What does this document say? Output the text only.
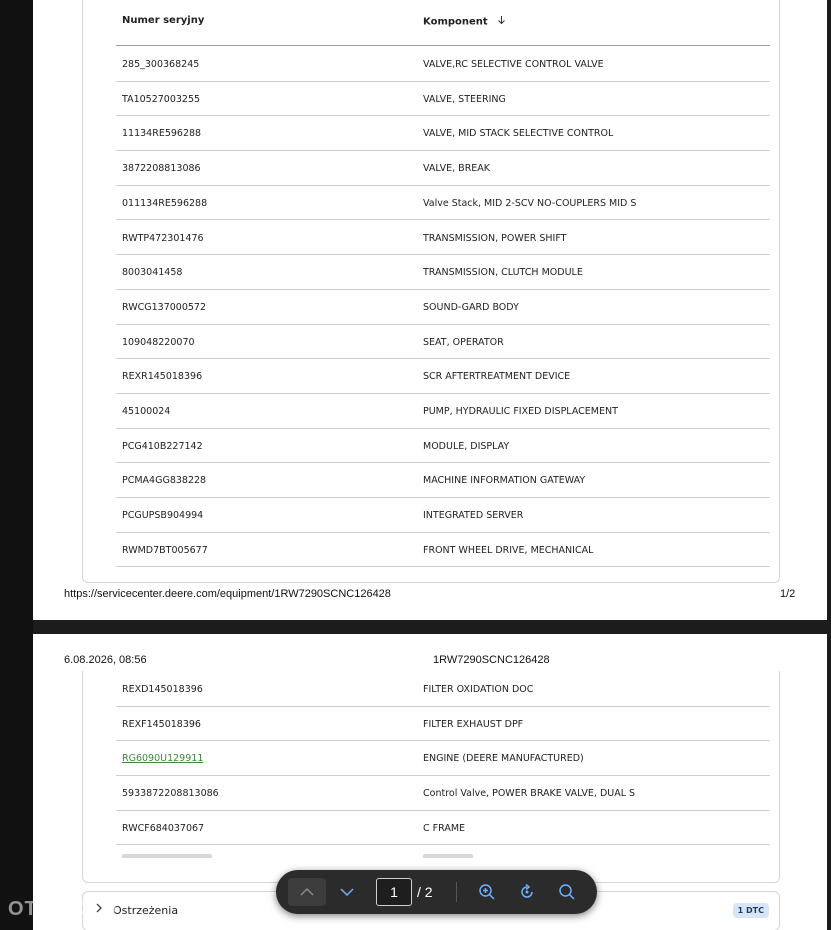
Numer seryjny	Komponent
285_300368245	VALVE,RC SELECTIVE CONTROL VALVE
TA10527003255	VALVE, STEERING
11134RE596288	VALVE, MID STACK SELECTIVE CONTROL
3872208813086	VALVE, BREAK
011134RE596288	Valve Stack, MID 2-SCV NO-COUPLERS MID S
RWTP472301476	TRANSMISSION, POWER SHIFT
8003041458	TRANSMISSION, CLUTCH MODULE
RWCG137000572	SOUND-GARD BODY
109048220070	SEAT, OPERATOR
REXR145018396	SCR AFTERTREATMENT DEVICE
45100024	PUMP, HYDRAULIC FIXED DISPLACEMENT
PCG410B227142	MODULE, DISPLAY
PCMA4GG838228	MACHINE INFORMATION GATEWAY
PCGUPSB904994	INTEGRATED SERVER
RWMD7BT005677	FRONT WHEEL DRIVE, MECHANICAL
https://servicecenter.deere.com/equipment/1RW7290SCNC126428	1/2
6.08.2026, 08:56	1RW7290SCNC126428
REXD145018396	FILTER OXIDATION DOC
REXF145018396	FILTER EXHAUST DPF
RG6090U129911	ENGINE (DEERE MANUFACTURED)
5933872208813086	Control Valve, POWER BRAKE VALVE, DUAL S
RWCF684037067	C FRAME
Ostrzeżenia	1 DTC
1	/ 2
OTOMOTO
